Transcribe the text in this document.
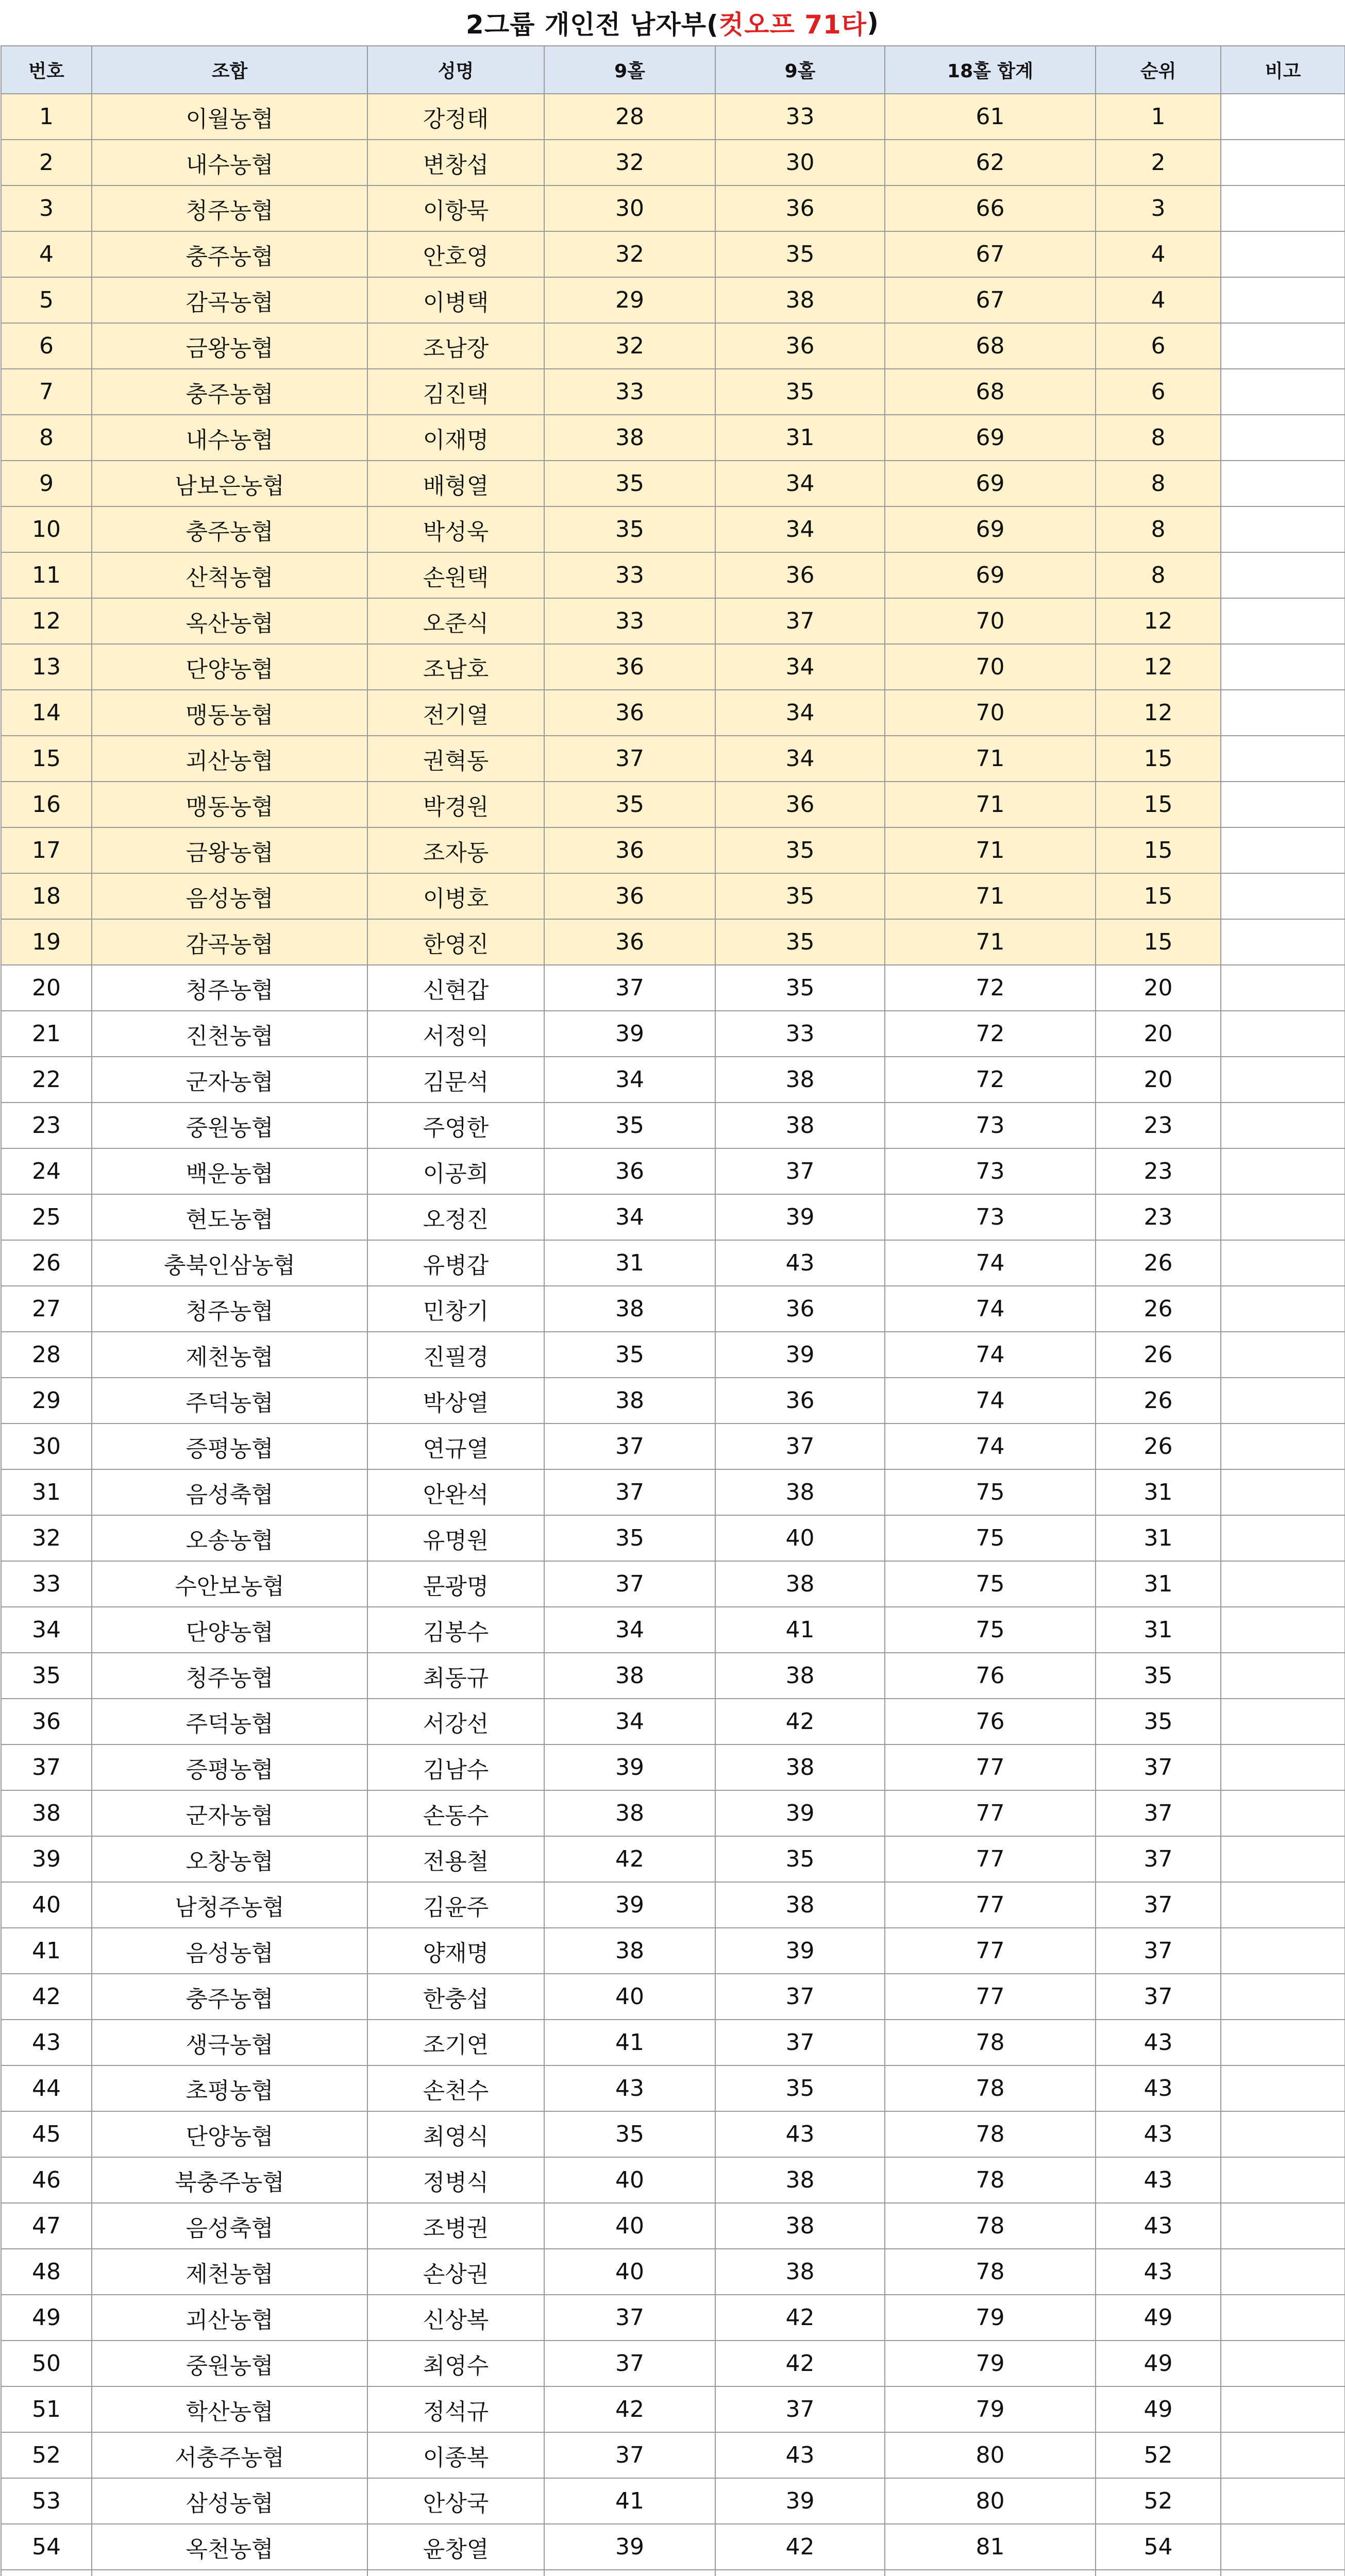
2그룹 개인전 남자부( 컷오프 71타 )
번호	조합	성명	9홀	9홀	18홀 합계	순위	비고
1	이월농협	강정태	28	33	61	1	
2	내수농협	변창섭	32	30	62	2	
3	청주농협	이항묵	30	36	66	3	
4	충주농협	안호영	32	35	67	4	
5	감곡농협	이병택	29	38	67	4	
6	금왕농협	조남장	32	36	68	6	
7	충주농협	김진택	33	35	68	6	
8	내수농협	이재명	38	31	69	8	
9	남보은농협	배형열	35	34	69	8	
10	충주농협	박성욱	35	34	69	8	
11	산척농협	손원택	33	36	69	8	
12	옥산농협	오준식	33	37	70	12	
13	단양농협	조남호	36	34	70	12	
14	맹동농협	전기열	36	34	70	12	
15	괴산농협	권혁동	37	34	71	15	
16	맹동농협	박경원	35	36	71	15	
17	금왕농협	조자동	36	35	71	15	
18	음성농협	이병호	36	35	71	15	
19	감곡농협	한영진	36	35	71	15	
20	청주농협	신현갑	37	35	72	20	
21	진천농협	서정익	39	33	72	20	
22	군자농협	김문석	34	38	72	20	
23	중원농협	주영한	35	38	73	23	
24	백운농협	이공희	36	37	73	23	
25	현도농협	오정진	34	39	73	23	
26	충북인삼농협	유병갑	31	43	74	26	
27	청주농협	민창기	38	36	74	26	
28	제천농협	진필경	35	39	74	26	
29	주덕농협	박상열	38	36	74	26	
30	증평농협	연규열	37	37	74	26	
31	음성축협	안완석	37	38	75	31	
32	오송농협	유명원	35	40	75	31	
33	수안보농협	문광명	37	38	75	31	
34	단양농협	김봉수	34	41	75	31	
35	청주농협	최동규	38	38	76	35	
36	주덕농협	서강선	34	42	76	35	
37	증평농협	김남수	39	38	77	37	
38	군자농협	손동수	38	39	77	37	
39	오창농협	전용철	42	35	77	37	
40	남청주농협	김윤주	39	38	77	37	
41	음성농협	양재명	38	39	77	37	
42	충주농협	한충섭	40	37	77	37	
43	생극농협	조기연	41	37	78	43	
44	초평농협	손천수	43	35	78	43	
45	단양농협	최영식	35	43	78	43	
46	북충주농협	정병식	40	38	78	43	
47	음성축협	조병권	40	38	78	43	
48	제천농협	손상권	40	38	78	43	
49	괴산농협	신상복	37	42	79	49	
50	중원농협	최영수	37	42	79	49	
51	학산농협	정석규	42	37	79	49	
52	서충주농협	이종복	37	43	80	52	
53	삼성농협	안상국	41	39	80	52	
54	옥천농협	윤창열	39	42	81	54	
